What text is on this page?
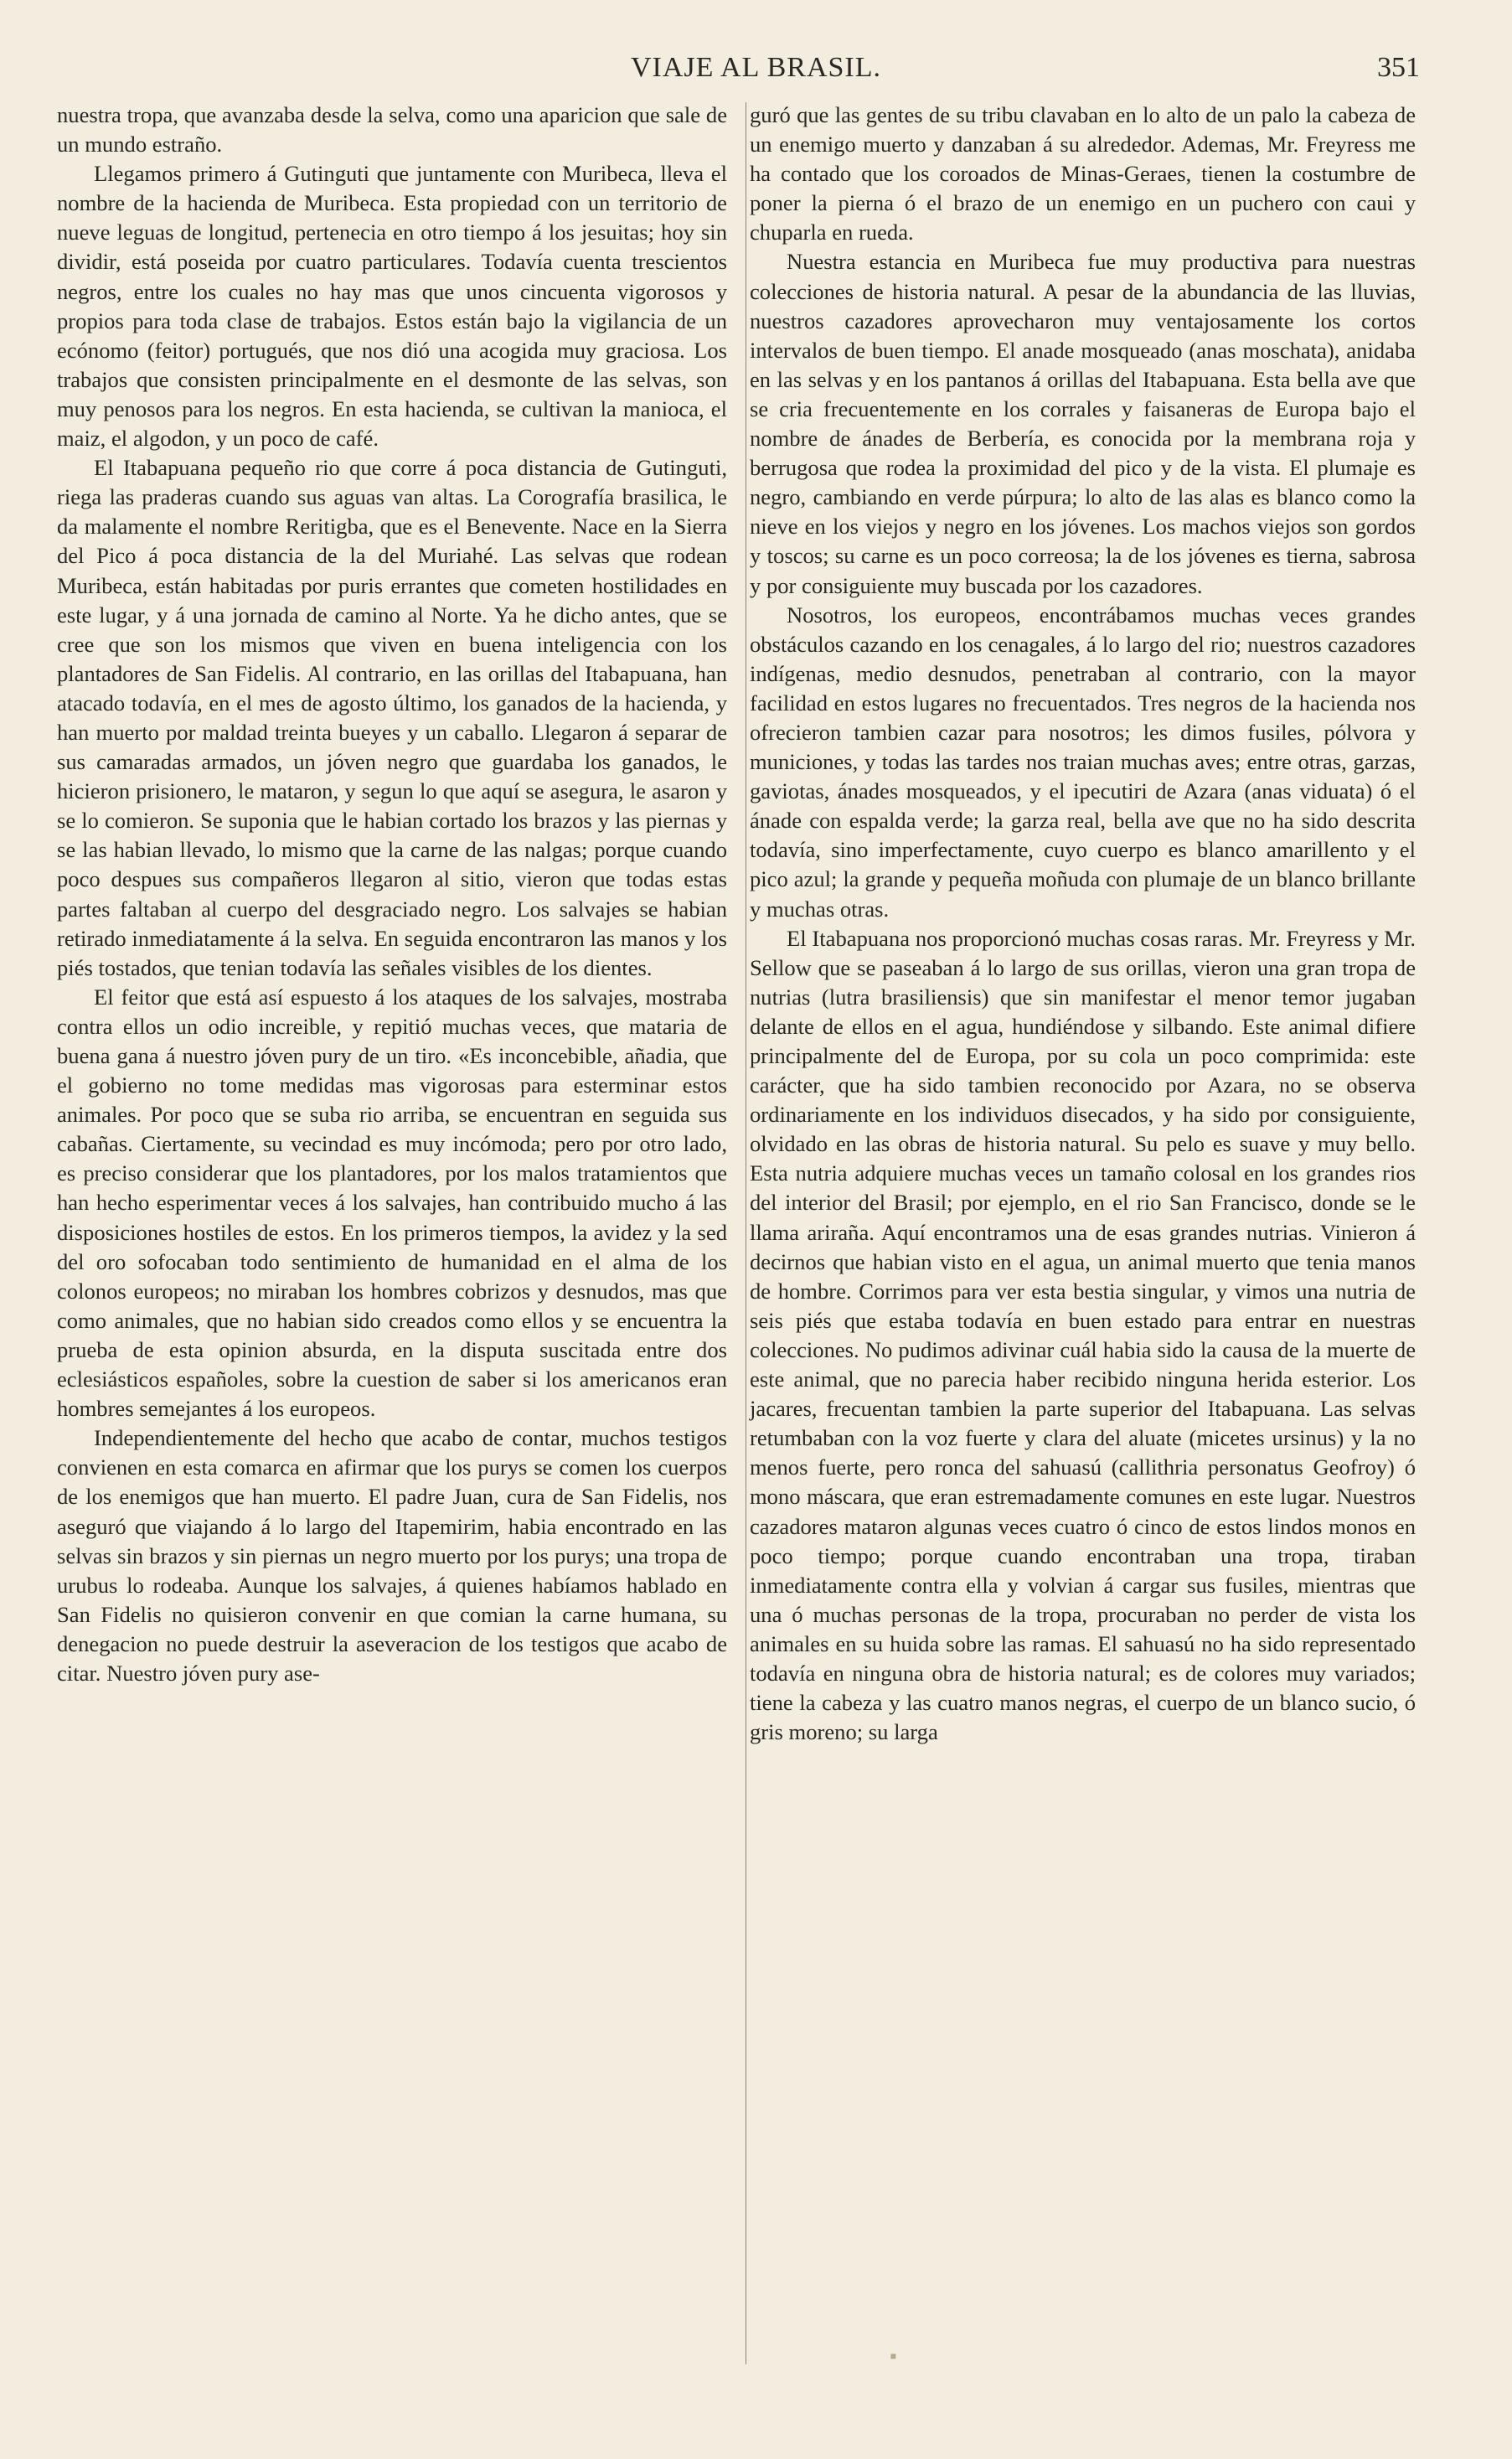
VIAJE AL BRASIL.	351

nuestra tropa, que avanzaba desde la selva, como una aparicion que sale de un mundo estraño.

Llegamos primero á Gutinguti que juntamente con Muribeca, lleva el nombre de la hacienda de Muribeca. Esta propiedad con un territorio de nueve leguas de longitud, pertenecia en otro tiempo á los jesuitas; hoy sin dividir, está poseida por cuatro particulares. Todavía cuenta trescientos negros, entre los cuales no hay mas que unos cincuenta vigorosos y propios para toda clase de trabajos. Estos están bajo la vigilancia de un ecónomo (feitor) portugués, que nos dió una acogida muy graciosa. Los trabajos que consisten principalmente en el desmonte de las selvas, son muy penosos para los negros. En esta hacienda, se cultivan la manioca, el maiz, el algodon, y un poco de café.

El Itabapuana pequeño rio que corre á poca distancia de Gutinguti, riega las praderas cuando sus aguas van altas. La Corografía brasilica, le da malamente el nombre Reritigba, que es el Benevente. Nace en la Sierra del Pico á poca distancia de la del Muriahé. Las selvas que rodean Muribeca, están habitadas por puris errantes que cometen hostilidades en este lugar, y á una jornada de camino al Norte. Ya he dicho antes, que se cree que son los mismos que viven en buena inteligencia con los plantadores de San Fidelis. Al contrario, en las orillas del Itabapuana, han atacado todavía, en el mes de agosto último, los ganados de la hacienda, y han muerto por maldad treinta bueyes y un caballo. Llegaron á separar de sus camaradas armados, un jóven negro que guardaba los ganados, le hicieron prisionero, le mataron, y segun lo que aquí se asegura, le asaron y se lo comieron. Se suponia que le habian cortado los brazos y las piernas y se las habian llevado, lo mismo que la carne de las nalgas; porque cuando poco despues sus compañeros llegaron al sitio, vieron que todas estas partes faltaban al cuerpo del desgraciado negro. Los salvajes se habian retirado inmediatamente á la selva. En seguida encontraron las manos y los piés tostados, que tenian todavía las señales visibles de los dientes.

El feitor que está así espuesto á los ataques de los salvajes, mostraba contra ellos un odio increible, y repitió muchas veces, que mataria de buena gana á nuestro jóven pury de un tiro. «Es inconcebible, añadia, que el gobierno no tome medidas mas vigorosas para esterminar estos animales. Por poco que se suba rio arriba, se encuentran en seguida sus cabañas. Ciertamente, su vecindad es muy incómoda; pero por otro lado, es preciso considerar que los plantadores, por los malos tratamientos que han hecho esperimentar veces á los salvajes, han contribuido mucho á las disposiciones hostiles de estos. En los primeros tiempos, la avidez y la sed del oro sofocaban todo sentimiento de humanidad en el alma de los colonos europeos; no miraban los hombres cobrizos y desnudos, mas que como animales, que no habian sido creados como ellos y se encuentra la prueba de esta opinion absurda, en la disputa suscitada entre dos eclesiásticos españoles, sobre la cuestion de saber si los americanos eran hombres semejantes á los europeos.

Independientemente del hecho que acabo de contar, muchos testigos convienen en esta comarca en afirmar que los purys se comen los cuerpos de los enemigos que han muerto. El padre Juan, cura de San Fidelis, nos aseguró que viajando á lo largo del Itapemirim, habia encontrado en las selvas sin brazos y sin piernas un negro muerto por los purys; una tropa de urubus lo rodeaba. Aunque los salvajes, á quienes habíamos hablado en San Fidelis no quisieron convenir en que comian la carne humana, su denegacion no puede destruir la aseveracion de los testigos que acabo de citar. Nuestro jóven pury ase-

guró que las gentes de su tribu clavaban en lo alto de un palo la cabeza de un enemigo muerto y danzaban á su alrededor. Ademas, Mr. Freyress me ha contado que los coroados de Minas-Geraes, tienen la costumbre de poner la pierna ó el brazo de un enemigo en un puchero con caui y chuparla en rueda.

Nuestra estancia en Muribeca fue muy productiva para nuestras colecciones de historia natural. A pesar de la abundancia de las lluvias, nuestros cazadores aprovecharon muy ventajosamente los cortos intervalos de buen tiempo. El anade mosqueado (anas moschata), anidaba en las selvas y en los pantanos á orillas del Itabapuana. Esta bella ave que se cria frecuentemente en los corrales y faisaneras de Europa bajo el nombre de ánades de Berbería, es conocida por la membrana roja y berrugosa que rodea la proximidad del pico y de la vista. El plumaje es negro, cambiando en verde púrpura; lo alto de las alas es blanco como la nieve en los viejos y negro en los jóvenes. Los machos viejos son gordos y toscos; su carne es un poco correosa; la de los jóvenes es tierna, sabrosa y por consiguiente muy buscada por los cazadores.

Nosotros, los europeos, encontrábamos muchas veces grandes obstáculos cazando en los cenagales, á lo largo del rio; nuestros cazadores indígenas, medio desnudos, penetraban al contrario, con la mayor facilidad en estos lugares no frecuentados. Tres negros de la hacienda nos ofrecieron tambien cazar para nosotros; les dimos fusiles, pólvora y municiones, y todas las tardes nos traian muchas aves; entre otras, garzas, gaviotas, ánades mosqueados, y el ipecutiri de Azara (anas viduata) ó el ánade con espalda verde; la garza real, bella ave que no ha sido descrita todavía, sino imperfectamente, cuyo cuerpo es blanco amarillento y el pico azul; la grande y pequeña moñuda con plumaje de un blanco brillante y muchas otras.

El Itabapuana nos proporcionó muchas cosas raras. Mr. Freyress y Mr. Sellow que se paseaban á lo largo de sus orillas, vieron una gran tropa de nutrias (lutra brasiliensis) que sin manifestar el menor temor jugaban delante de ellos en el agua, hundiéndose y silbando. Este animal difiere principalmente del de Europa, por su cola un poco comprimida: este carácter, que ha sido tambien reconocido por Azara, no se observa ordinariamente en los individuos disecados, y ha sido por consiguiente, olvidado en las obras de historia natural. Su pelo es suave y muy bello. Esta nutria adquiere muchas veces un tamaño colosal en los grandes rios del interior del Brasil; por ejemplo, en el rio San Francisco, donde se le llama ariraña. Aquí encontramos una de esas grandes nutrias. Vinieron á decirnos que habian visto en el agua, un animal muerto que tenia manos de hombre. Corrimos para ver esta bestia singular, y vimos una nutria de seis piés que estaba todavía en buen estado para entrar en nuestras colecciones. No pudimos adivinar cuál habia sido la causa de la muerte de este animal, que no parecia haber recibido ninguna herida esterior. Los jacares, frecuentan tambien la parte superior del Itabapuana. Las selvas retumbaban con la voz fuerte y clara del aluate (micetes ursinus) y la no menos fuerte, pero ronca del sahuasú (callithria personatus Geofroy) ó mono máscara, que eran estremadamente comunes en este lugar. Nuestros cazadores mataron algunas veces cuatro ó cinco de estos lindos monos en poco tiempo; porque cuando encontraban una tropa, tiraban inmediatamente contra ella y volvian á cargar sus fusiles, mientras que una ó muchas personas de la tropa, procuraban no perder de vista los animales en su huida sobre las ramas. El sahuasú no ha sido representado todavía en ninguna obra de historia natural; es de colores muy variados; tiene la cabeza y las cuatro manos negras, el cuerpo de un blanco sucio, ó gris moreno; su larga

▪
